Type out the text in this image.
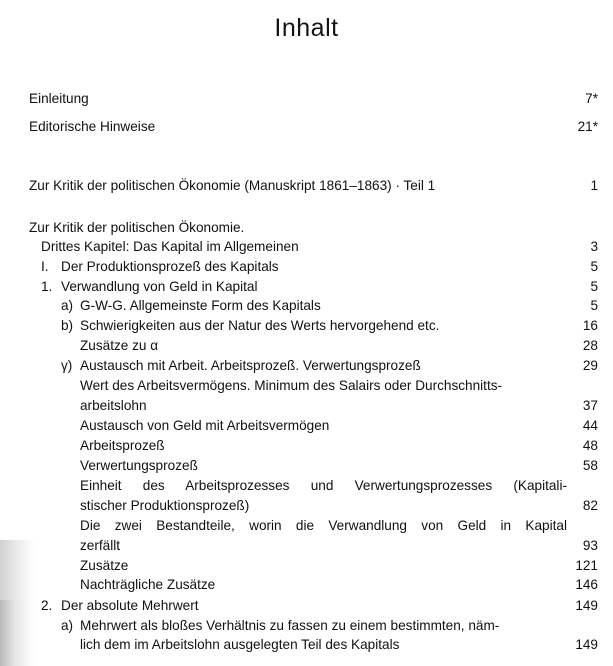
Inhalt
Einleitung	7*
Editorische Hinweise	21*
Zur Kritik der politischen Ökonomie (Manuskript 1861–1863) · Teil 1	1
Zur Kritik der politischen Ökonomie.
Drittes Kapitel: Das Kapital im Allgemeinen	3
I. Der Produktionsprozeß des Kapitals	5
1. Verwandlung von Geld in Kapital	5
a) G-W-G. Allgemeinste Form des Kapitals	5
b) Schwierigkeiten aus der Natur des Werts hervorgehend etc.	16
Zusätze zu α	28
γ) Austausch mit Arbeit. Arbeitsprozeß. Verwertungsprozeß	29
Wert des Arbeitsvermögens. Minimum des Salairs oder Durchschnitts-
arbeitslohn	37
Austausch von Geld mit Arbeitsvermögen	44
Arbeitsprozeß	48
Verwertungsprozeß	58
Einheit des Arbeitsprozesses und Verwertungsprozesses (Kapitali-
stischer Produktionsprozeß)	82
Die zwei Bestandteile, worin die Verwandlung von Geld in Kapital
zerfällt	93
Zusätze	121
Nachträgliche Zusätze	146
2. Der absolute Mehrwert	149
a) Mehrwert als bloßes Verhältnis zu fassen zu einem bestimmten, näm-
lich dem im Arbeitslohn ausgelegten Teil des Kapitals	149
